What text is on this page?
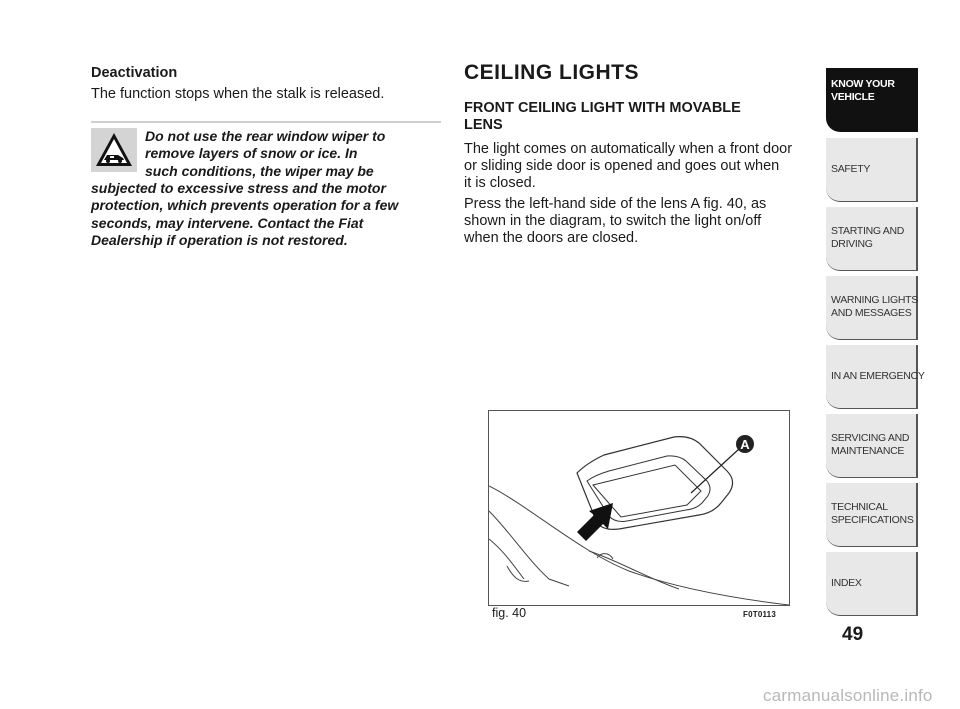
Deactivation
The function stops when the stalk is released.
Do not use the rear window wiper to
remove layers of snow or ice. In
such conditions, the wiper may be
subjected to excessive stress and the motor
protection, which prevents operation for a few
seconds, may intervene. Contact the Fiat
Dealership if operation is not restored.
CEILING LIGHTS
FRONT CEILING LIGHT WITH MOVABLE
LENS
The light comes on automatically when a front door
or sliding side door is opened and goes out when
it is closed.
Press the left-hand side of the lens A fig. 40, as
shown in the diagram, to switch the light on/off
when the doors are closed.
A
fig. 40	F0T0113
KNOW YOUR
VEHICLE
SAFETY
STARTING AND
DRIVING
WARNING LIGHTS
AND MESSAGES
IN AN EMERGENCY
SERVICING AND
MAINTENANCE
TECHNICAL
SPECIFICATIONS
INDEX
49
carmanualsonline.info
